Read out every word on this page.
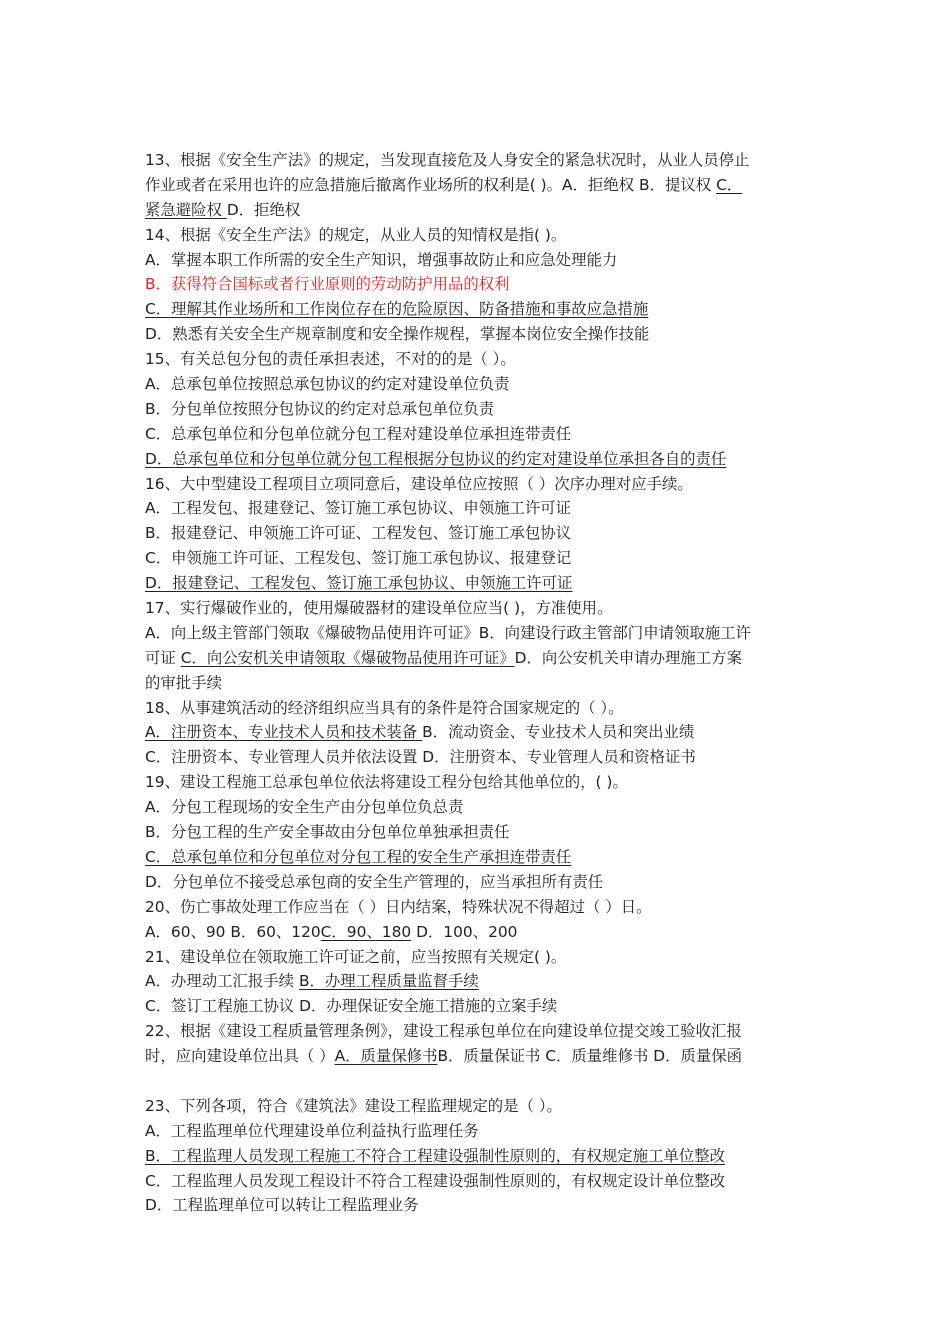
13、根据《安全生产法》的规定，当发现直接危及人身安全的紧急状况时，从业人员停止
作业或者在采用也许的应急措施后撤离作业场所的权利是( )。A．拒绝权 B．提议权 C．
紧急避险权 D．拒绝权
14、根据《安全生产法》的规定，从业人员的知情权是指( )。
A．掌握本职工作所需的安全生产知识，增强事故防止和应急处理能力
B．获得符合国标或者行业原则的劳动防护用品的权利
C．理解其作业场所和工作岗位存在的危险原因、防备措施和事故应急措施
D．熟悉有关安全生产规章制度和安全操作规程，掌握本岗位安全操作技能
15、有关总包分包的责任承担表述，不对的的是（ ）。
A．总承包单位按照总承包协议的约定对建设单位负责
B．分包单位按照分包协议的约定对总承包单位负责
C．总承包单位和分包单位就分包工程对建设单位承担连带责任
D．总承包单位和分包单位就分包工程根据分包协议的约定对建设单位承担各自的责任
16、大中型建设工程项目立项同意后，建设单位应按照（ ）次序办理对应手续。
A．工程发包、报建登记、签订施工承包协议、申领施工许可证
B．报建登记、申领施工许可证、工程发包、签订施工承包协议
C．申领施工许可证、工程发包、签订施工承包协议、报建登记
D．报建登记、工程发包、签订施工承包协议、申领施工许可证
17、实行爆破作业的，使用爆破器材的建设单位应当( )，方准使用。
A．向上级主管部门领取《爆破物品使用许可证》B．向建设行政主管部门申请领取施工许
可证 C．向公安机关申请领取《爆破物品使用许可证》D．向公安机关申请办理施工方案
的审批手续
18、从事建筑活动的经济组织应当具有的条件是符合国家规定的（ ）。
A．注册资本、专业技术人员和技术装备 B．流动资金、专业技术人员和突出业绩
C．注册资本、专业管理人员并依法设置 D．注册资本、专业管理人员和资格证书
19、建设工程施工总承包单位依法将建设工程分包给其他单位的，( )。
A．分包工程现场的安全生产由分包单位负总责
B．分包工程的生产安全事故由分包单位单独承担责任
C．总承包单位和分包单位对分包工程的安全生产承担连带责任
D．分包单位不接受总承包商的安全生产管理的，应当承担所有责任
20、伤亡事故处理工作应当在（ ）日内结案，特殊状况不得超过（ ）日。
A．60、90 B．60、120C．90、180 D．100、200
21、建设单位在领取施工许可证之前，应当按照有关规定( )。
A．办理动工汇报手续 B．办理工程质量监督手续
C．签订工程施工协议 D．办理保证安全施工措施的立案手续
22、根据《建设工程质量管理条例》，建设工程承包单位在向建设单位提交竣工验收汇报
时，应向建设单位出具（ ）A．质量保修书B．质量保证书 C．质量维修书 D．质量保函
23、下列各项，符合《建筑法》建设工程监理规定的是（ ）。
A．工程监理单位代理建设单位利益执行监理任务
B．工程监理人员发现工程施工不符合工程建设强制性原则的，有权规定施工单位整改
C．工程监理人员发现工程设计不符合工程建设强制性原则的，有权规定设计单位整改
D．工程监理单位可以转让工程监理业务
